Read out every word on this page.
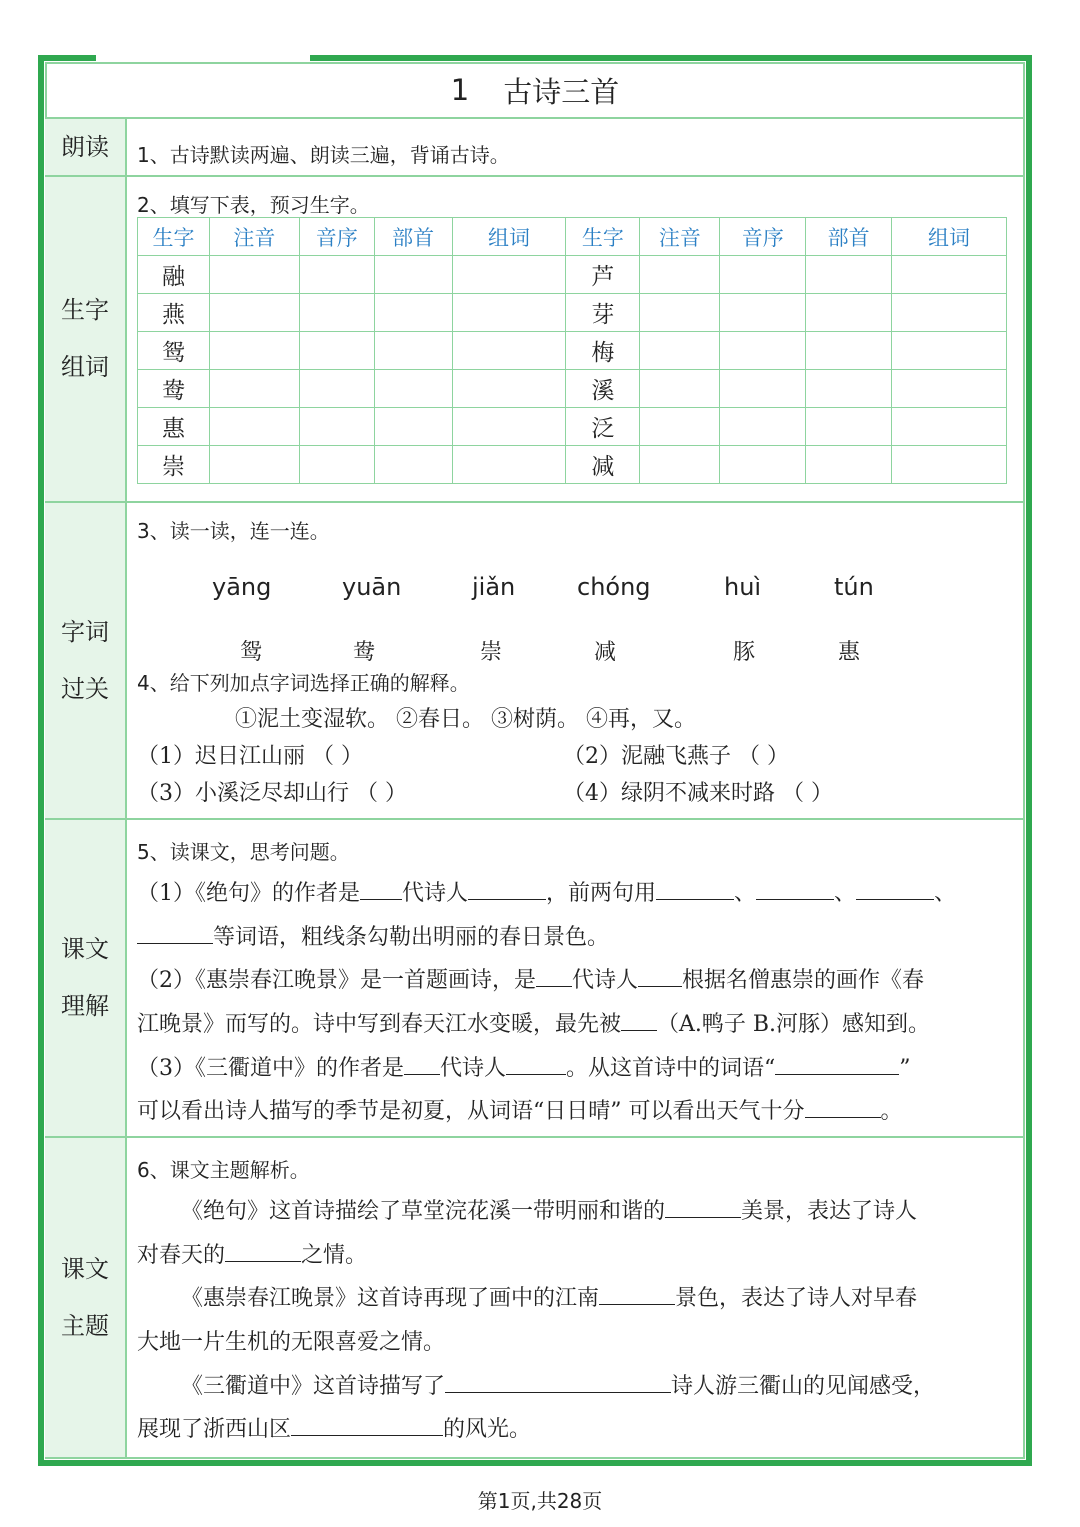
1 古诗三首
朗读 1、古诗默读两遍、朗读三遍，背诵古诗。
生字
组词
2、填写下表，预习生字。
生字	注音	音序	部首	组词	生字	注音	音序	部首	组词
融					芦				
燕					芽				
鸳					梅				
鸯					溪				
惠					泛				
崇					减				
字词
过关
3、读一读，连一连。
yāng	yuān	jiǎn	chóng	huì	tún
鸳	鸯	崇	减	豚	惠
4、给下列加点字词选择正确的解释。
①泥土变湿软。 ②春日。 ③树荫。 ④再，又。
（1）迟日江山丽 （ ）	（2）泥融飞燕子 （ ）
（3）小溪泛尽却山行 （ ）	（4）绿阴不减来时路 （ ）
课文
理解
5、读课文，思考问题。
（1）《绝句》的作者是 代诗人	，前两句用	、	、	、
等词语，粗线条勾勒出明丽的春日景色。
（2）《惠崇春江晚景》是一首题画诗，是 代诗人 根据名僧惠崇的画作《春
江晚景》而写的。诗中写到春天江水变暖，最先被 （A.鸭子 B.河豚）感知到。
（3）《三衢道中》的作者是 代诗人	。从这首诗中的词语“	”
可以看出诗人描写的季节是初夏，从词语“日日晴” 可以看出天气十分	。
课文
主题
6、课文主题解析。
《绝句》这首诗描绘了草堂浣花溪一带明丽和谐的	美景，表达了诗人
对春天的	之情。
《惠崇春江晚景》这首诗再现了画中的江南	景色，表达了诗人对早春
大地一片生机的无限喜爱之情。
《三衢道中》这首诗描写了	诗人游三衢山的见闻感受，
展现了浙西山区	的风光。
第1页,共28页
